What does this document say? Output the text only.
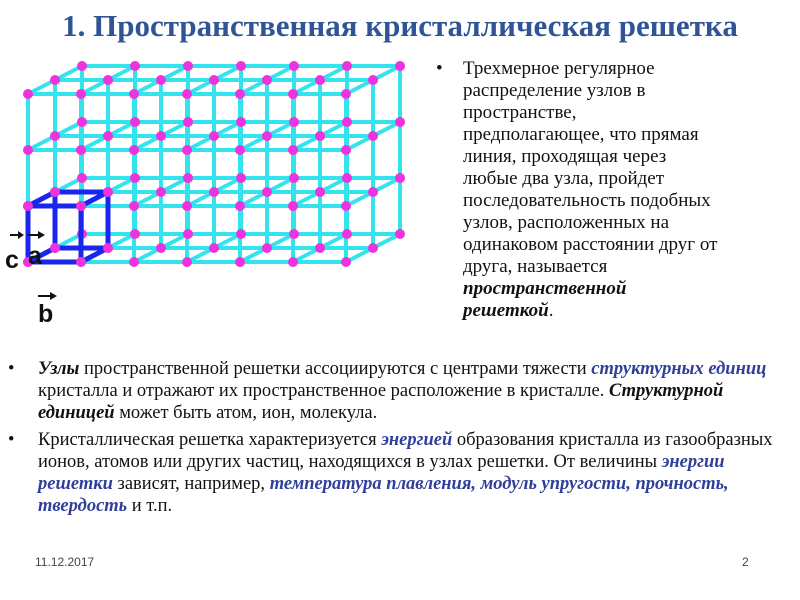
1. Пространственная кристаллическая решетка
c a
b
• Трехмерное регулярное
распределение узлов в
пространстве,
предполагающее, что прямая
линия, проходящая через
любые два узла, пройдет
последовательность подобных
узлов, расположенных на
одинаковом расстоянии друг от
друга, называется
пространственной
решеткой.
• Узлы пространственной решетки ассоциируются с центрами тяжести структурных единиц кристалла и отражают их пространственное расположение в кристалле. Структурной единицей может быть атом, ион, молекула.
• Кристаллическая решетка характеризуется энергией образования кристалла из газообразных ионов, атомов или других частиц, находящихся в узлах решетки. От величины энергии решетки зависят, например, температура плавления, модуль упругости, прочность, твердость и т.п.
11.12.2017	2
